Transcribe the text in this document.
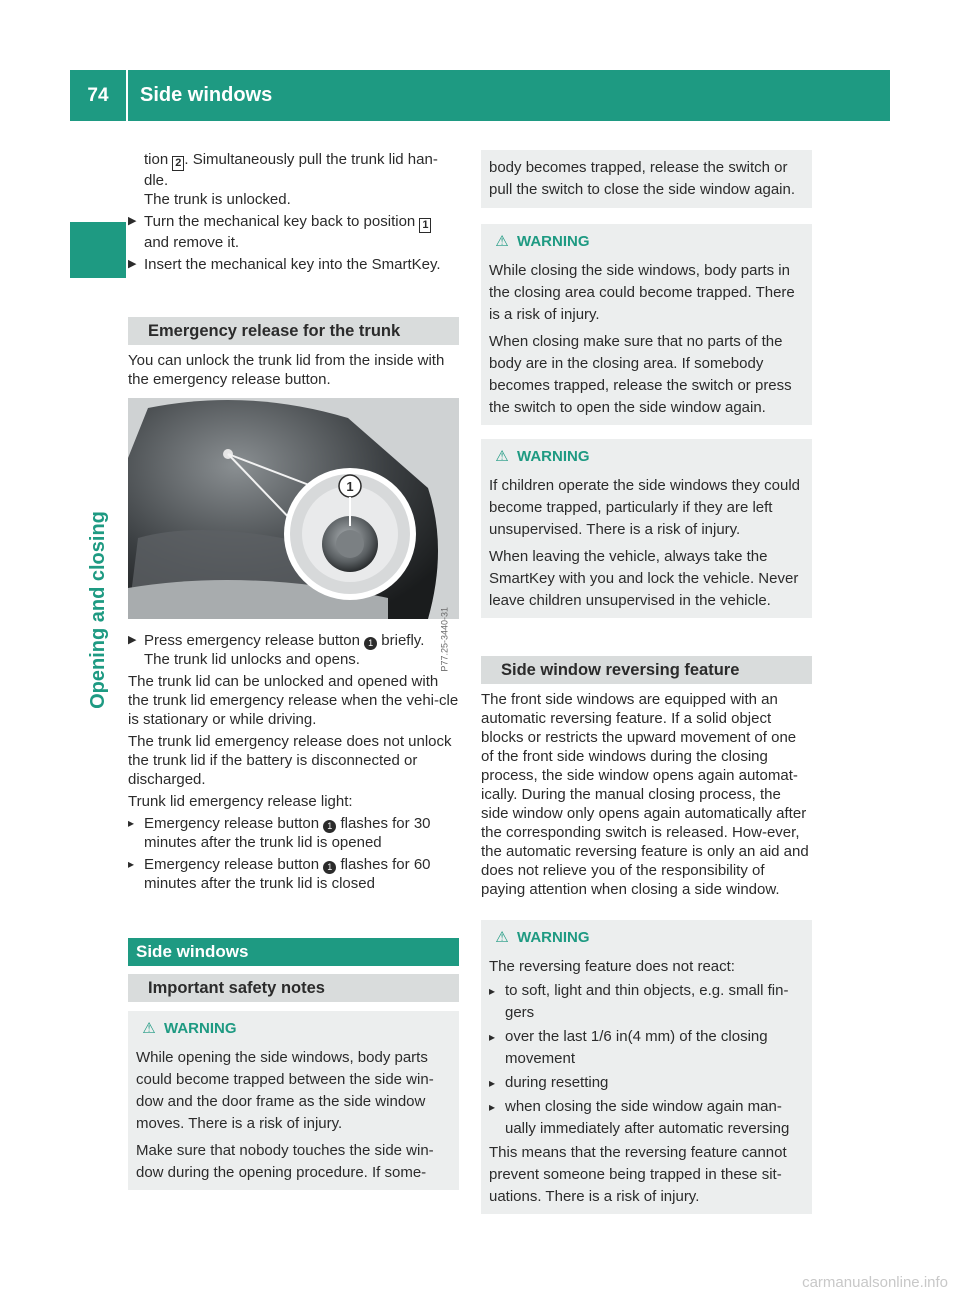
74	Side windows
Opening and closing

tion 2 . Simultaneously pull the trunk lid han-dle.

The trunk is unlocked.

▶ Turn the mechanical key back to position 1 and remove it.
▶ Insert the mechanical key into the SmartKey.
Emergency release for the trunk

You can unlock the trunk lid from the inside with the emergency release button.

1
P77.25-3440-31
▶ Press emergency release button 1 briefly.

The trunk lid unlocks and opens.

The trunk lid can be unlocked and opened with the trunk lid emergency release when the vehi-cle is stationary or while driving.

The trunk lid emergency release does not unlock the trunk lid if the battery is disconnected or discharged.

Trunk lid emergency release light:

▸ Emergency release button 1 flashes for 30 minutes after the trunk lid is opened
▸ Emergency release button 1 flashes for 60 minutes after the trunk lid is closed
Side windows
Important safety notes
⚠ WARNING

While opening the side windows, body parts could become trapped between the side win-dow and the door frame as the side window moves. There is a risk of injury.

Make sure that nobody touches the side win-dow during the opening procedure. If some-

body becomes trapped, release the switch or pull the switch to close the side window again.

⚠ WARNING

While closing the side windows, body parts in the closing area could become trapped. There is a risk of injury.

When closing make sure that no parts of the body are in the closing area. If somebody becomes trapped, release the switch or press the switch to open the side window again.

⚠ WARNING

If children operate the side windows they could become trapped, particularly if they are left unsupervised. There is a risk of injury.

When leaving the vehicle, always take the SmartKey with you and lock the vehicle. Never leave children unsupervised in the vehicle.

Side window reversing feature

The front side windows are equipped with an automatic reversing feature. If a solid object blocks or restricts the upward movement of one of the front side windows during the closing process, the side window opens again automat-ically. During the manual closing process, the side window only opens again automatically after the corresponding switch is released. How-ever, the automatic reversing feature is only an aid and does not relieve you of the responsibility of paying attention when closing a side window.

⚠ WARNING

The reversing feature does not react:

▸ to soft, light and thin objects, e.g. small fin-gers
▸ over the last 1/6 in(4 mm) of the closing movement
▸ during resetting
▸ when closing the side window again man-ually immediately after automatic reversing

This means that the reversing feature cannot prevent someone being trapped in these sit-uations. There is a risk of injury.

carmanualsonline.info
